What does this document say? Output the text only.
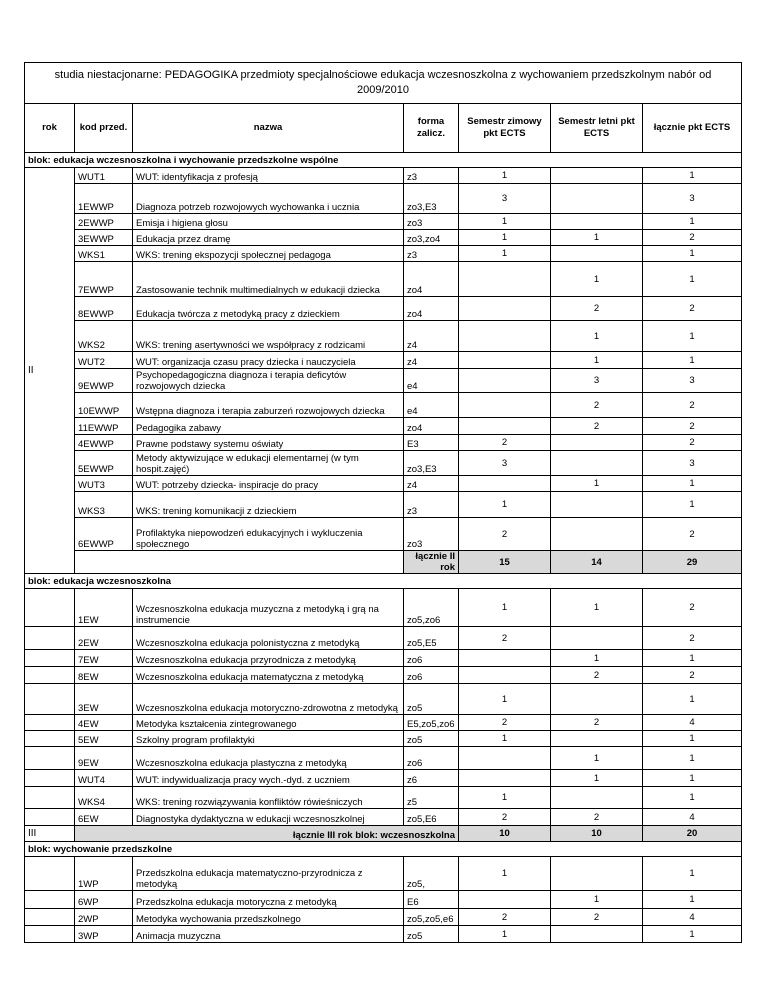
studia niestacjonarne: PEDAGOGIKA przedmioty specjalnościowe edukacja wczesnoszkolna z wychowaniem przedszkolnym nabór od 2009/2010						
rok	kod przed.	nazwa	forma zalicz.	Semestr zimowy pkt ECTS	Semestr letni pkt ECTS	łącznie pkt ECTS
blok: edukacja wczesnoszkolna i wychowanie przedszkolne wspólne						
II	WUT1	WUT: identyfikacja z profesją	z3	1		1
	1EWWP	Diagnoza potrzeb rozwojowych wychowanka i ucznia	zo3,E3	3		3
	2EWWP	Emisja i higiena głosu	zo3	1		1
	3EWWP	Edukacja przez dramę	zo3,zo4	1	1	2
	WKS1	WKS: trening ekspozycji społecznej pedagoga	z3	1		1
	7EWWP	Zastosowanie technik multimedialnych w edukacji dziecka	zo4		1	1
	8EWWP	Edukacja twórcza z metodyką pracy z dzieckiem	zo4		2	2
	WKS2	WKS: trening asertywności we współpracy z rodzicami	z4		1	1
	WUT2	WUT: organizacja czasu pracy dziecka i nauczyciela	z4		1	1
	9EWWP	Psychopedagogiczna diagnoza i terapia deficytów rozwojowych dziecka	e4		3	3
	10EWWP	Wstępna diagnoza i terapia zaburzeń rozwojowych dziecka	e4		2	2
	11EWWP	Pedagogika zabawy	zo4		2	2
	4EWWP	Prawne podstawy systemu oświaty	E3	2		2
	5EWWP	Metody aktywizujące w edukacji elementarnej (w tym hospit.zajęć)	zo3,E3	3		3
	WUT3	WUT: potrzeby dziecka- inspiracje do pracy	z4		1	1
	WKS3	WKS: trening komunikacji z dzieckiem	z3	1		1
	6EWWP	Profilaktyka niepowodzeń edukacyjnych i wykluczenia społecznego	zo3	2		2
			łącznie II rok	15	14	29
blok: edukacja wczesnoszkolna						
	1EW	Wczesnoszkolna edukacja muzyczna z metodyką i grą na instrumencie	zo5,zo6	1	1	2
	2EW	Wczesnoszkolna edukacja polonistyczna z metodyką	zo5,E5	2		2
	7EW	Wczesnoszkolna edukacja przyrodnicza z metodyką	zo6		1	1
	8EW	Wczesnoszkolna edukacja matematyczna z metodyką	zo6		2	2
	3EW	Wczesnoszkolna edukacja motoryczno-zdrowotna z metodyką	zo5	1		1
	4EW	Metodyka kształcenia zintegrowanego	E5,zo5,zo6	2	2	4
	5EW	Szkolny program profilaktyki	zo5	1		1
	9EW	Wczesnoszkolna edukacja plastyczna z metodyką	zo6		1	1
	WUT4	WUT: indywidualizacja pracy wych.-dyd. z uczniem	z6		1	1
	WKS4	WKS: trening rozwiązywania konfliktów rówieśniczych	z5	1		1
	6EW	Diagnostyka dydaktyczna w edukacji wczesnoszkolnej	zo5,E6	2	2	4
III	łącznie III rok blok: wczesnoszkolna			10	10	20
blok: wychowanie przedszkolne						
	1WP	Przedszkolna edukacja matematyczno-przyrodnicza z metodyką	zo5,	1		1
	6WP	Przedszkolna edukacja motoryczna z metodyką	E6		1	1
	2WP	Metodyka wychowania przedszkolnego	zo5,zo5,e6	2	2	4
	3WP	Animacja muzyczna	zo5	1		1
